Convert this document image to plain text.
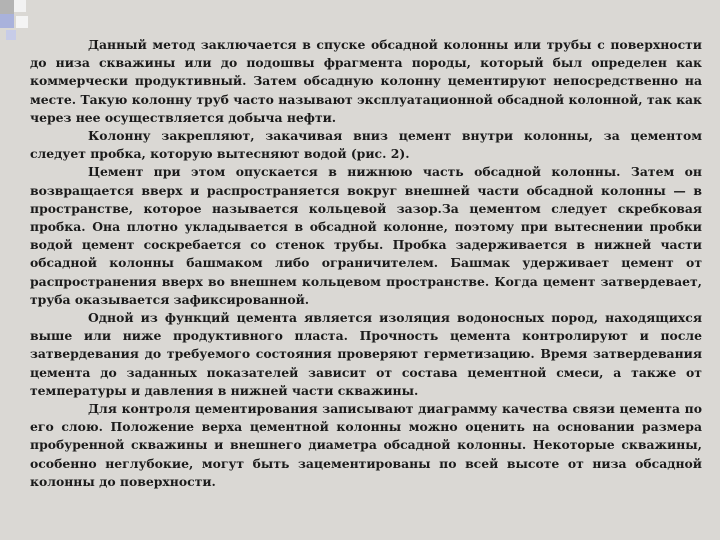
Данный метод заключается в спуске обсадной колонны или трубы с поверхности до низа скважины или до подошвы фрагмента породы, который был определен как коммерчески продуктивный. Затем обсадную колонну цементируют непосредственно на месте. Такую колонну труб часто называют эксплуатационной обсадной колонной, так как через нее осуществляется добыча нефти.

Колонну закрепляют, закачивая вниз цемент внутри колонны, за цементом следует пробка, которую вытесняют водой (рис. 2).

Цемент при этом опускается в нижнюю часть обсадной колонны. Затем он возвращается вверх и распространяется вокруг внешней части обсадной колонны — в пространстве, которое называется кольцевой зазор.За цементом следует скребковая пробка. Она плотно укладывается в обсадной колонне, поэтому при вытеснении пробки водой цемент соскребается со стенок трубы. Пробка задерживается в нижней части обсадной колонны башмаком либо ограничителем. Башмак удерживает цемент от распространения вверх во внешнем кольцевом пространстве. Когда цемент затвердевает, труба оказывается зафиксированной.

Одной из функций цемента является изоляция водоносных пород, находящихся выше или ниже продуктивного пласта. Прочность цемента контролируют и после затвердевания до требуемого состояния проверяют герметизацию. Время затвердевания цемента до заданных показателей зависит от состава цементной смеси, а также от температуры и давления в нижней части скважины.

Для контроля цементирования записывают диаграмму качества связи цемента по его слою. Положение верха цементной колонны можно оценить на основании размера пробуренной скважины и внешнего диаметра обсадной колонны. Некоторые скважины, особенно неглубокие, могут быть зацементированы по всей высоте от низа обсадной колонны до поверхности.
